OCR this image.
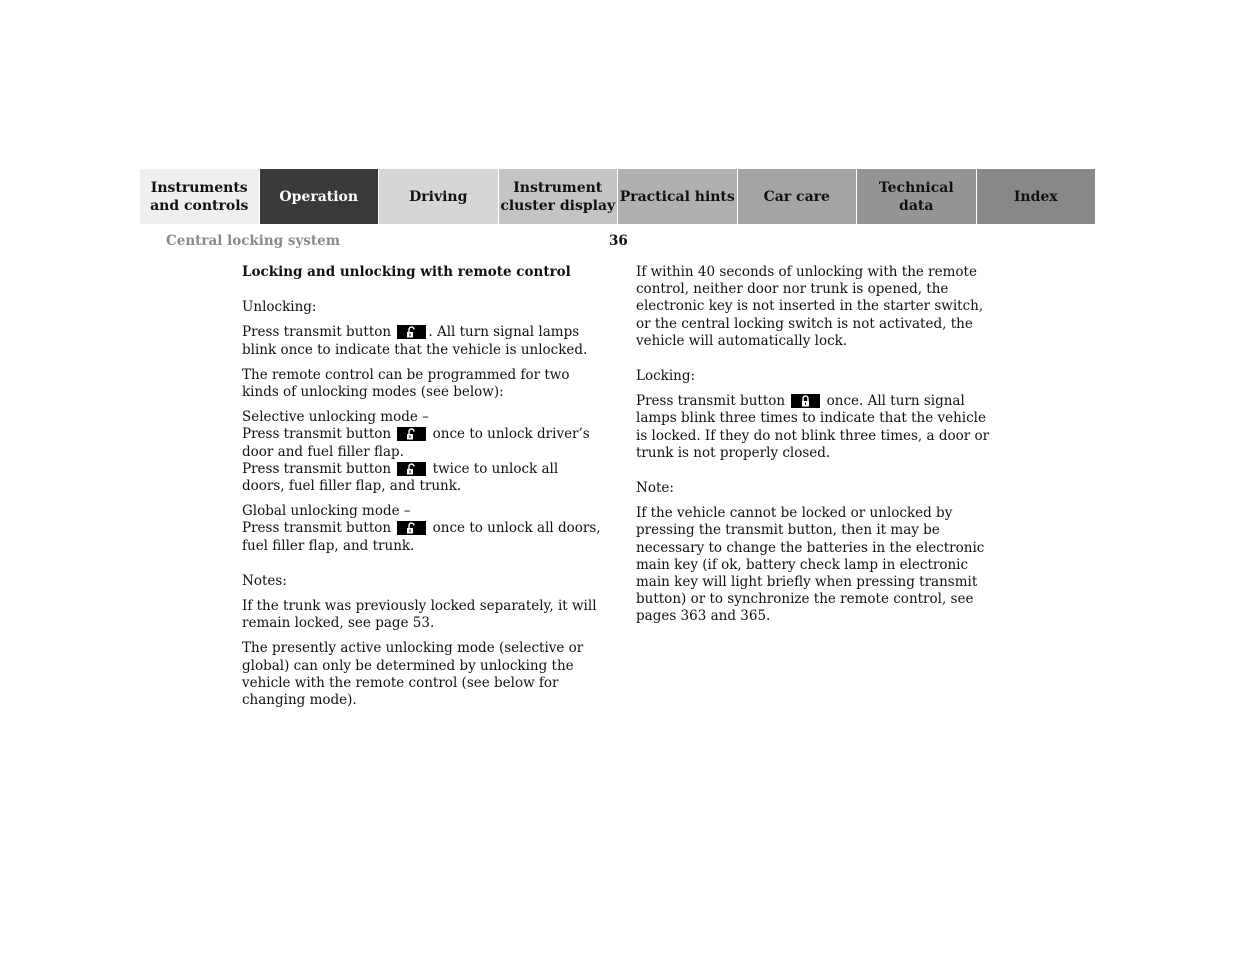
Instruments
and controls
Operation	Driving
Instrument
cluster display
Practical hints	Car care
Technical
data
Index
Central locking system	36

Locking and unlocking with remote control

Unlocking:

Press transmit button
. All turn signal lamps blink once to indicate that the vehicle is unlocked.

The remote control can be programmed for two kinds of unlocking modes (see below):

Selective unlocking mode –
Press transmit button
once to unlock driver’s door and fuel filler flap.
Press transmit button
twice to unlock all doors, fuel filler flap, and trunk.

Global unlocking mode –
Press transmit button
once to unlock all doors, fuel filler flap, and trunk.

Notes:

If the trunk was previously locked separately, it will remain locked, see page 53.

The presently active unlocking mode (selective or global) can only be determined by unlocking the vehicle with the remote control (see below for changing mode).

If within 40 seconds of unlocking with the remote control, neither door nor trunk is opened, the electronic key is not inserted in the starter switch, or the central locking switch is not activated, the vehicle will automatically lock.

Locking:

Press transmit button
once. All turn signal lamps blink three times to indicate that the vehicle is locked. If they do not blink three times, a door or trunk is not properly closed.

Note:

If the vehicle cannot be locked or unlocked by pressing the transmit button, then it may be necessary to change the batteries in the electronic main key (if ok, battery check lamp in electronic main key will light briefly when pressing transmit button) or to synchronize the remote control, see pages 363 and 365.
